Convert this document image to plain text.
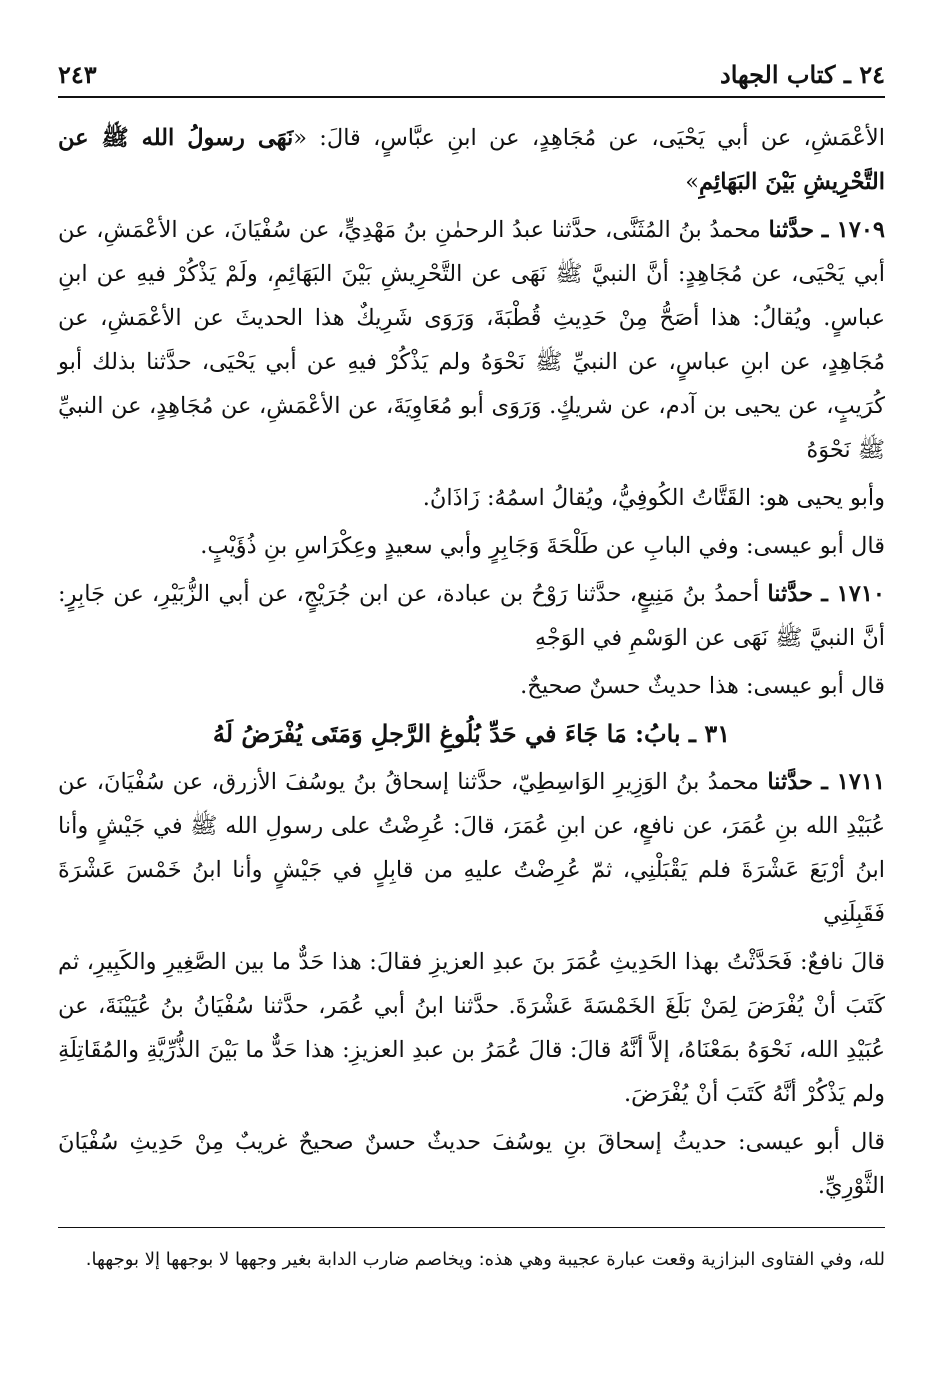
٢٤ ـ كتاب الجهاد
٢٤٣

الأعْمَشِ، عن أبي يَحْيَى، عن مُجَاهِدٍ، عن ابنِ عبَّاسٍ، قالَ: «نَهَى رسولُ الله ﷺ عن التَّحْرِيشِ بَيْنَ البَهَائِمِ»

١٧٠٩ ـ حدَّثنا محمدُ بنُ المُثَنَّى، حدَّثنا عبدُ الرحمٰنِ بنُ مَهْدِيٍّ، عن سُفْيَانَ، عن الأعْمَشِ، عن أبي يَحْيَى، عن مُجَاهِدٍ: أنَّ النبيَّ ﷺ نَهَى عن التَّحْرِيشِ بَيْنَ البَهَائِمِ، ولَمْ يَذْكُرْ فيهِ عن ابنِ عباسٍ. ويُقالُ: هذا أصَحُّ مِنْ حَدِيثِ قُطْبَةَ، وَرَوَى شَرِيكٌ هذا الحديثَ عن الأعْمَشِ، عن مُجَاهِدٍ، عن ابنِ عباسٍ، عن النبيِّ ﷺ نَحْوَهُ ولم يَذْكُرْ فيهِ عن أبي يَحْيَى، حدَّثنا بذلك أبو كُرَيبٍ، عن يحيى بن آدم، عن شريكٍ. وَرَوَى أبو مُعَاوِيَةَ، عن الأعْمَشِ، عن مُجَاهِدٍ، عن النبيِّ ﷺ نَحْوَهُ

وأبو يحيى هو: القَتَّاتُ الكُوفِيُّ، ويُقالُ اسمُهُ: زَاذَانُ.

قال أبو عيسى: وفي البابِ عن طَلْحَةَ وَجَابِرٍ وأبي سعيدٍ وعِكْرَاسِ بنِ ذُؤَيْبٍ.

١٧١٠ ـ حدَّثنا أحمدُ بنُ مَنِيعٍ، حدَّثنا رَوْحُ بن عبادة، عن ابن جُرَيْجٍ، عن أبي الزُّبَيْرِ، عن جَابِرٍ: أنَّ النبيَّ ﷺ نَهَى عن الوَسْمِ في الوَجْهِ

قال أبو عيسى: هذا حديثٌ حسنٌ صحيحٌ.

٣١ ـ بابُ: مَا جَاءَ في حَدِّ بُلُوغِ الرَّجلِ وَمَتَى يُفْرَضُ لَهُ

١٧١١ ـ حدَّثنا محمدُ بنُ الوَزِيرِ الوَاسِطِيّ، حدَّثنا إسحاقُ بنُ يوسُفَ الأزرق، عن سُفْيَانَ، عن عُبَيْدِ الله بنِ عُمَرَ، عن نافعٍ، عن ابنِ عُمَرَ، قالَ: عُرِضْتُ على رسولِ الله ﷺ في جَيْشٍ وأنا ابنُ أرْبَعَ عَشْرَةَ فلم يَقْبَلْنِي، ثمّ عُرِضْتُ عليهِ من قابِلٍ في جَيْشٍ وأنا ابنُ خَمْسَ عَشْرَةَ فَقَبِلَنِي

قالَ نافعٌ: فَحَدَّثْتُ بهذا الحَدِيثِ عُمَرَ بنَ عبدِ العزيزِ فقالَ: هذا حَدٌّ ما بين الصَّغِيرِ والكَبِيرِ، ثم كَتَبَ أنْ يُفْرَضَ لِمَنْ بَلَغَ الخَمْسَةَ عَشْرَةَ. حدَّثنا ابنُ أبي عُمَر، حدَّثنا سُفْيَانُ بنُ عُيَيْنَةَ، عن عُبَيْدِ الله، نَحْوَهُ بمَعْنَاهُ، إلاَّ أنَّهُ قالَ: قالَ عُمَرُ بن عبدِ العزيزِ: هذا حَدٌّ ما بَيْنَ الذُّرِّيَّةِ والمُقَاتِلَةِ ولم يَذْكُرْ أنَّهُ كَتَبَ أنْ يُفْرَضَ.

قال أبو عيسى: حديثُ إسحاقَ بنِ يوسُفَ حديثٌ حسنٌ صحيحٌ غريبٌ مِنْ حَدِيثِ سُفْيَانَ الثَّوْرِيِّ.

لله، وفي الفتاوى البزازية وقعت عبارة عجيبة وهي هذه: ويخاصم ضارب الدابة بغير وجهها لا بوجهها إلا بوجهها.
